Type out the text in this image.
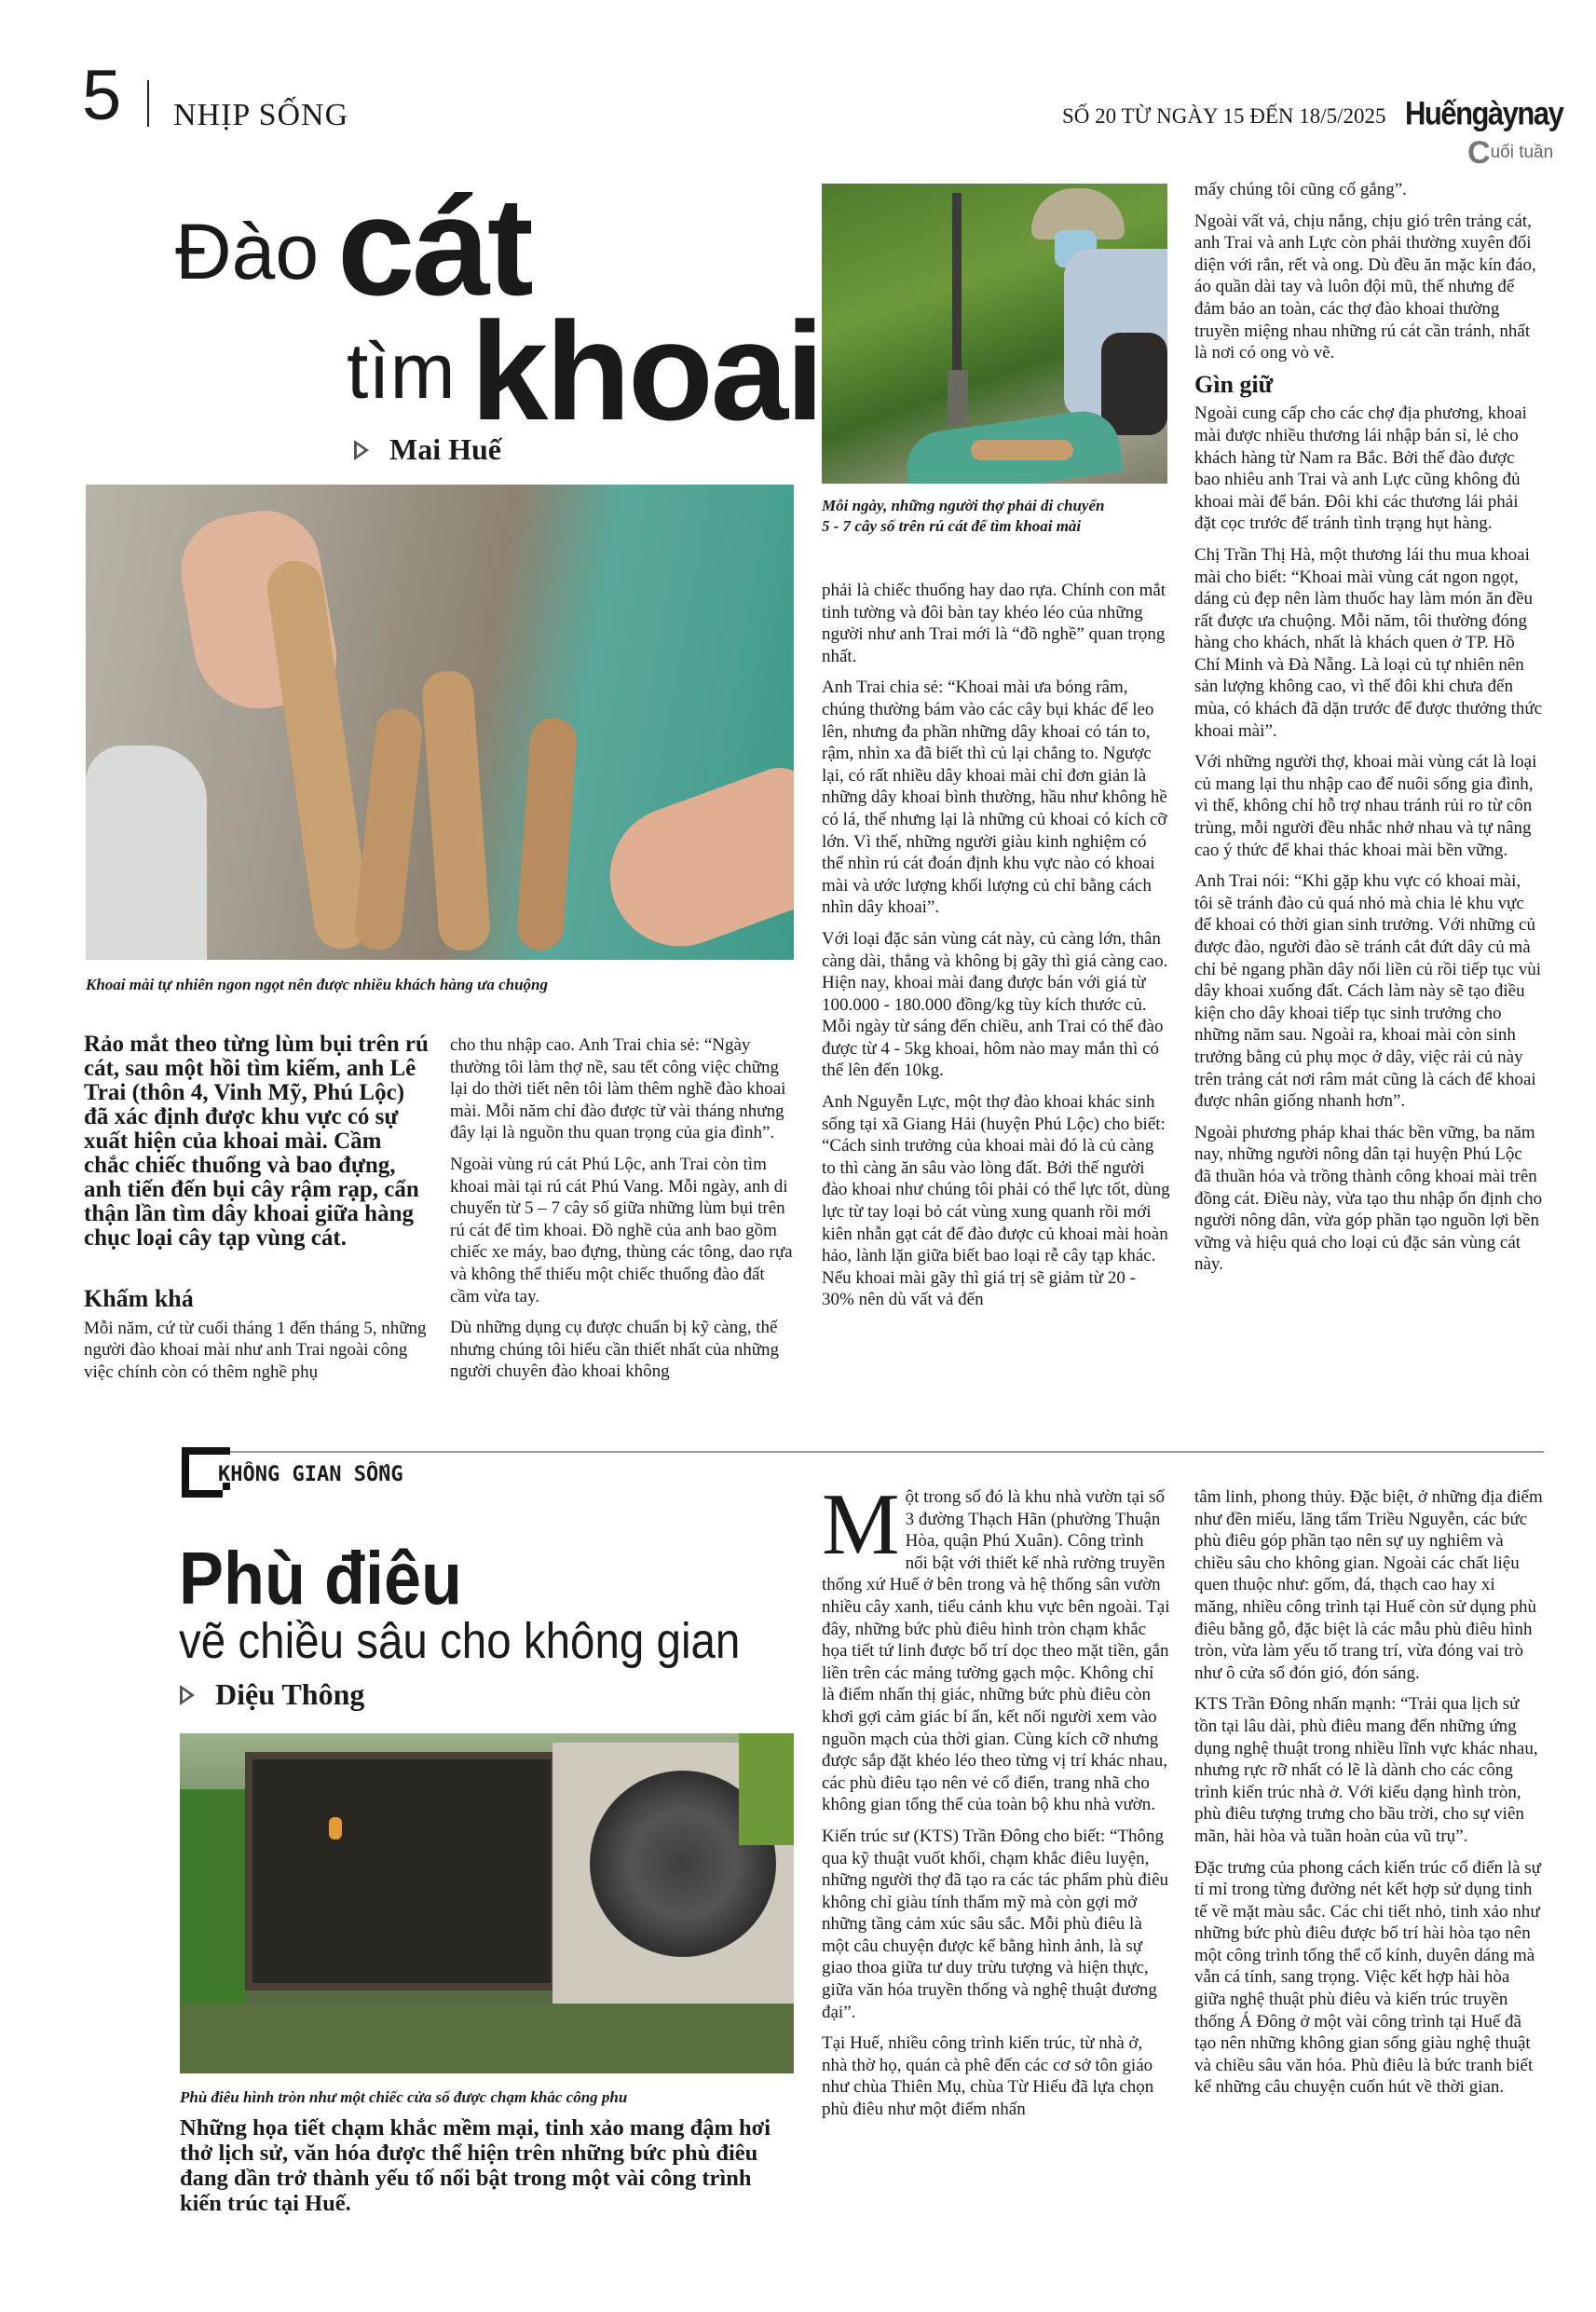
5 NHỊP SỐNG	SỐ 20 TỪ NGÀY 15 ĐẾN 18/5/2025 Huếngàynay
Cuối tuần
Đào cát
tìm khoai
Mai Huế
Khoai mài tự nhiên ngon ngọt nên được nhiều khách hàng ưa chuộng
Mỗi ngày, những người thợ phải di chuyển
5 - 7 cây số trên rú cát để tìm khoai mài

Rảo mắt theo từng lùm bụi trên rú cát, sau một hồi tìm kiếm, anh Lê Trai (thôn 4, Vinh Mỹ, Phú Lộc) đã xác định được khu vực có sự xuất hiện của khoai mài. Cầm chắc chiếc thuổng và bao đựng, anh tiến đến bụi cây rậm rạp, cẩn thận lần tìm dây khoai giữa hàng chục loại cây tạp vùng cát.

Khấm khá

Mỗi năm, cứ từ cuối tháng 1 đến tháng 5, những người đào khoai mài như anh Trai ngoài công việc chính còn có thêm nghề phụ

cho thu nhập cao. Anh Trai chia sẻ: “Ngày thường tôi làm thợ nề, sau tết công việc chững lại do thời tiết nên tôi làm thêm nghề đào khoai mài. Mỗi năm chỉ đào được từ vài tháng nhưng đây lại là nguồn thu quan trọng của gia đình”.

Ngoài vùng rú cát Phú Lộc, anh Trai còn tìm khoai mài tại rú cát Phú Vang. Mỗi ngày, anh di chuyển từ 5 – 7 cây số giữa những lùm bụi trên rú cát để tìm khoai. Đồ nghề của anh bao gồm chiếc xe máy, bao đựng, thùng các tông, dao rựa và không thể thiếu một chiếc thuổng đào đất cầm vừa tay.

Dù những dụng cụ được chuẩn bị kỹ càng, thế nhưng chúng tôi hiểu cần thiết nhất của những người chuyên đào khoai không

phải là chiếc thuổng hay dao rựa. Chính con mắt tinh tường và đôi bàn tay khéo léo của những người như anh Trai mới là “đồ nghề” quan trọng nhất.

Anh Trai chia sẻ: “Khoai mài ưa bóng râm, chúng thường bám vào các cây bụi khác để leo lên, nhưng đa phần những dây khoai có tán to, rậm, nhìn xa đã biết thì củ lại chẳng to. Ngược lại, có rất nhiều dây khoai mài chỉ đơn giản là những dây khoai bình thường, hầu như không hề có lá, thế nhưng lại là những củ khoai có kích cỡ lớn. Vì thế, những người giàu kinh nghiệm có thể nhìn rú cát đoán định khu vực nào có khoai mài và ước lượng khối lượng củ chỉ bằng cách nhìn dây khoai”.

Với loại đặc sản vùng cát này, củ càng lớn, thân càng dài, thẳng và không bị gãy thì giá càng cao. Hiện nay, khoai mài đang được bán với giá từ 100.000 - 180.000 đồng/kg tùy kích thước củ. Mỗi ngày từ sáng đến chiều, anh Trai có thể đào được từ 4 - 5kg khoai, hôm nào may mắn thì có thể lên đến 10kg.

Anh Nguyễn Lực, một thợ đào khoai khác sinh sống tại xã Giang Hải (huyện Phú Lộc) cho biết: “Cách sinh trưởng của khoai mài đó là củ càng to thì càng ăn sâu vào lòng đất. Bởi thế người đào khoai như chúng tôi phải có thể lực tốt, dùng lực từ tay loại bỏ cát vùng xung quanh rồi mới kiên nhẫn gạt cát để đào được củ khoai mài hoàn hảo, lành lặn giữa biết bao loại rễ cây tạp khác. Nếu khoai mài gãy thì giá trị sẽ giảm từ 20 - 30% nên dù vất vả đến

mấy chúng tôi cũng cố gắng”.

Ngoài vất vả, chịu nắng, chịu gió trên trảng cát, anh Trai và anh Lực còn phải thường xuyên đối diện với rắn, rết và ong. Dù đều ăn mặc kín đáo, áo quần dài tay và luôn đội mũ, thế nhưng để đảm bảo an toàn, các thợ đào khoai thường truyền miệng nhau những rú cát cần tránh, nhất là nơi có ong vò vẽ.

Gìn giữ

Ngoài cung cấp cho các chợ địa phương, khoai mài được nhiều thương lái nhập bán sỉ, lẻ cho khách hàng từ Nam ra Bắc. Bởi thế đào được bao nhiêu anh Trai và anh Lực cũng không đủ khoai mài để bán. Đôi khi các thương lái phải đặt cọc trước để tránh tình trạng hụt hàng.

Chị Trần Thị Hà, một thương lái thu mua khoai mài cho biết: “Khoai mài vùng cát ngon ngọt, dáng củ đẹp nên làm thuốc hay làm món ăn đều rất được ưa chuộng. Mỗi năm, tôi thường đóng hàng cho khách, nhất là khách quen ở TP. Hồ Chí Minh và Đà Nẵng. Là loại củ tự nhiên nên sản lượng không cao, vì thế đôi khi chưa đến mùa, có khách đã dặn trước để được thưởng thức khoai mài”.

Với những người thợ, khoai mài vùng cát là loại củ mang lại thu nhập cao để nuôi sống gia đình, vì thế, không chỉ hỗ trợ nhau tránh rủi ro từ côn trùng, mỗi người đều nhắc nhở nhau và tự nâng cao ý thức để khai thác khoai mài bền vững.

Anh Trai nói: “Khi gặp khu vực có khoai mài, tôi sẽ tránh đào củ quá nhỏ mà chia lẻ khu vực để khoai có thời gian sinh trưởng. Với những củ được đào, người đào sẽ tránh cắt đứt dây củ mà chỉ bẻ ngang phần dây nối liền củ rồi tiếp tục vùi dây khoai xuống đất. Cách làm này sẽ tạo điều kiện cho dây khoai tiếp tục sinh trưởng cho những năm sau. Ngoài ra, khoai mài còn sinh trưởng bằng củ phụ mọc ở dây, việc rải củ này trên trảng cát nơi râm mát cũng là cách để khoai được nhân giống nhanh hơn”.

Ngoài phương pháp khai thác bền vững, ba năm nay, những người nông dân tại huyện Phú Lộc đã thuần hóa và trồng thành công khoai mài trên đồng cát. Điều này, vừa tạo thu nhập ổn định cho người nông dân, vừa góp phần tạo nguồn lợi bền vững và hiệu quả cho loại củ đặc sản vùng cát này.

KHÔNG GIAN SỐNG
Phù điêu
vẽ chiều sâu cho không gian
Diệu Thông
Phù điêu hình tròn như một chiếc cửa sổ được chạm khắc công phu
Những họa tiết chạm khắc mềm mại, tinh xảo mang đậm hơi thở lịch sử, văn hóa được thể hiện trên những bức phù điêu đang dần trở thành yếu tố nổi bật trong một vài công trình kiến trúc tại Huế.

Một trong số đó là khu nhà vườn tại số 3 đường Thạch Hãn (phường Thuận Hòa, quận Phú Xuân). Công trình nổi bật với thiết kế nhà rường truyền thống xứ Huế ở bên trong và hệ thống sân vườn nhiều cây xanh, tiểu cảnh khu vực bên ngoài. Tại đây, những bức phù điêu hình tròn chạm khắc họa tiết tứ linh được bố trí dọc theo mặt tiền, gắn liền trên các mảng tường gạch mộc. Không chỉ là điểm nhấn thị giác, những bức phù điêu còn khơi gợi cảm giác bí ẩn, kết nối người xem vào nguồn mạch của thời gian. Cùng kích cỡ nhưng được sắp đặt khéo léo theo từng vị trí khác nhau, các phù điêu tạo nên vẻ cổ điển, trang nhã cho không gian tổng thể của toàn bộ khu nhà vườn.

Kiến trúc sư (KTS) Trần Đông cho biết: “Thông qua kỹ thuật vuốt khối, chạm khắc điêu luyện, những người thợ đã tạo ra các tác phẩm phù điêu không chỉ giàu tính thẩm mỹ mà còn gợi mở những tầng cảm xúc sâu sắc. Mỗi phù điêu là một câu chuyện được kể bằng hình ảnh, là sự giao thoa giữa tư duy trừu tượng và hiện thực, giữa văn hóa truyền thống và nghệ thuật đương đại”.

Tại Huế, nhiều công trình kiến trúc, từ nhà ở, nhà thờ họ, quán cà phê đến các cơ sở tôn giáo như chùa Thiên Mụ, chùa Từ Hiếu đã lựa chọn phù điêu như một điểm nhấn

tâm linh, phong thủy. Đặc biệt, ở những địa điểm như đền miếu, lăng tẩm Triều Nguyễn, các bức phù điêu góp phần tạo nên sự uy nghiêm và chiều sâu cho không gian. Ngoài các chất liệu quen thuộc như: gốm, đá, thạch cao hay xi măng, nhiều công trình tại Huế còn sử dụng phù điêu bằng gỗ, đặc biệt là các mẫu phù điêu hình tròn, vừa làm yếu tố trang trí, vừa đóng vai trò như ô cửa sổ đón gió, đón sáng.

KTS Trần Đông nhấn mạnh: “Trải qua lịch sử tồn tại lâu dài, phù điêu mang đến những ứng dụng nghệ thuật trong nhiều lĩnh vực khác nhau, nhưng rực rỡ nhất có lẽ là dành cho các công trình kiến trúc nhà ở. Với kiểu dạng hình tròn, phù điêu tượng trưng cho bầu trời, cho sự viên mãn, hài hòa và tuần hoàn của vũ trụ”.

Đặc trưng của phong cách kiến trúc cổ điển là sự tỉ mỉ trong từng đường nét kết hợp sử dụng tinh tế về mặt màu sắc. Các chi tiết nhỏ, tinh xảo như những bức phù điêu được bố trí hài hòa tạo nên một công trình tổng thể cổ kính, duyên dáng mà vẫn cá tính, sang trọng. Việc kết hợp hài hòa giữa nghệ thuật phù điêu và kiến trúc truyền thống Á Đông ở một vài công trình tại Huế đã tạo nên những không gian sống giàu nghệ thuật và chiều sâu văn hóa. Phù điêu là bức tranh biết kể những câu chuyện cuốn hút về thời gian.
